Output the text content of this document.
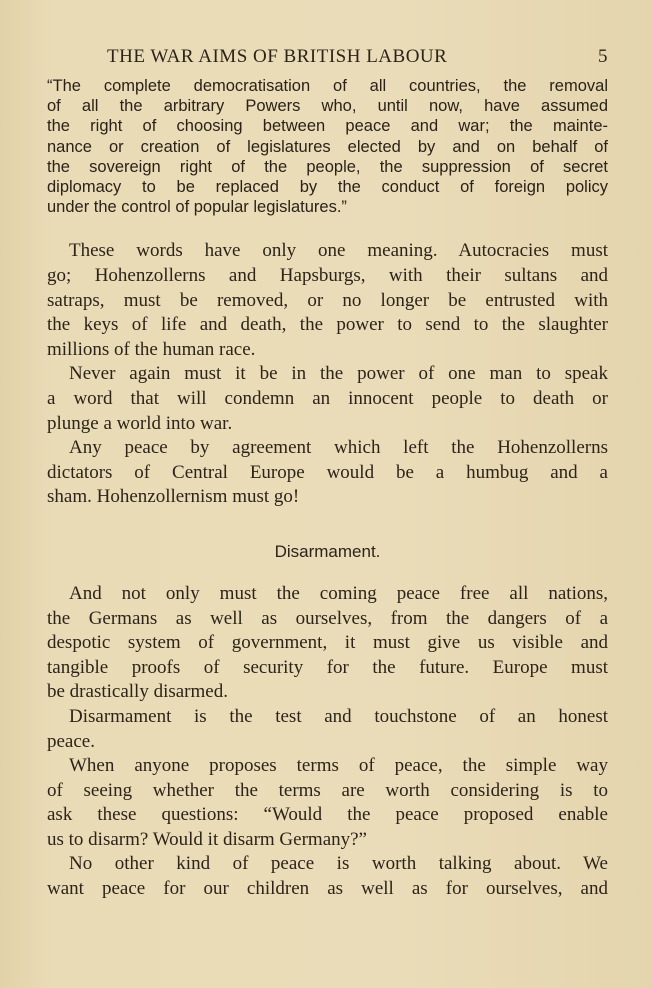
THE WAR AIMS OF BRITISH LABOUR	5
“The complete democratisation of all countries, the removal
of all the arbitrary Powers who, until now, have assumed
the right of choosing between peace and war; the mainte-
nance or creation of legislatures elected by and on behalf of
the sovereign right of the people, the suppression of secret
diplomacy to be replaced by the conduct of foreign policy
under the control of popular legislatures.”
These words have only one meaning. Autocracies must
go; Hohenzollerns and Hapsburgs, with their sultans and
satraps, must be removed, or no longer be entrusted with
the keys of life and death, the power to send to the slaughter
millions of the human race.
Never again must it be in the power of one man to speak
a word that will condemn an innocent people to death or
plunge a world into war.
Any peace by agreement which left the Hohenzollerns
dictators of Central Europe would be a humbug and a
sham. Hohenzollernism must go!
Disarmament.
And not only must the coming peace free all nations,
the Germans as well as ourselves, from the dangers of a
despotic system of government, it must give us visible and
tangible proofs of security for the future. Europe must
be drastically disarmed.
Disarmament is the test and touchstone of an honest
peace.
When anyone proposes terms of peace, the simple way
of seeing whether the terms are worth considering is to
ask these questions: “Would the peace proposed enable
us to disarm? Would it disarm Germany?”
No other kind of peace is worth talking about. We
want peace for our children as well as for ourselves, and
